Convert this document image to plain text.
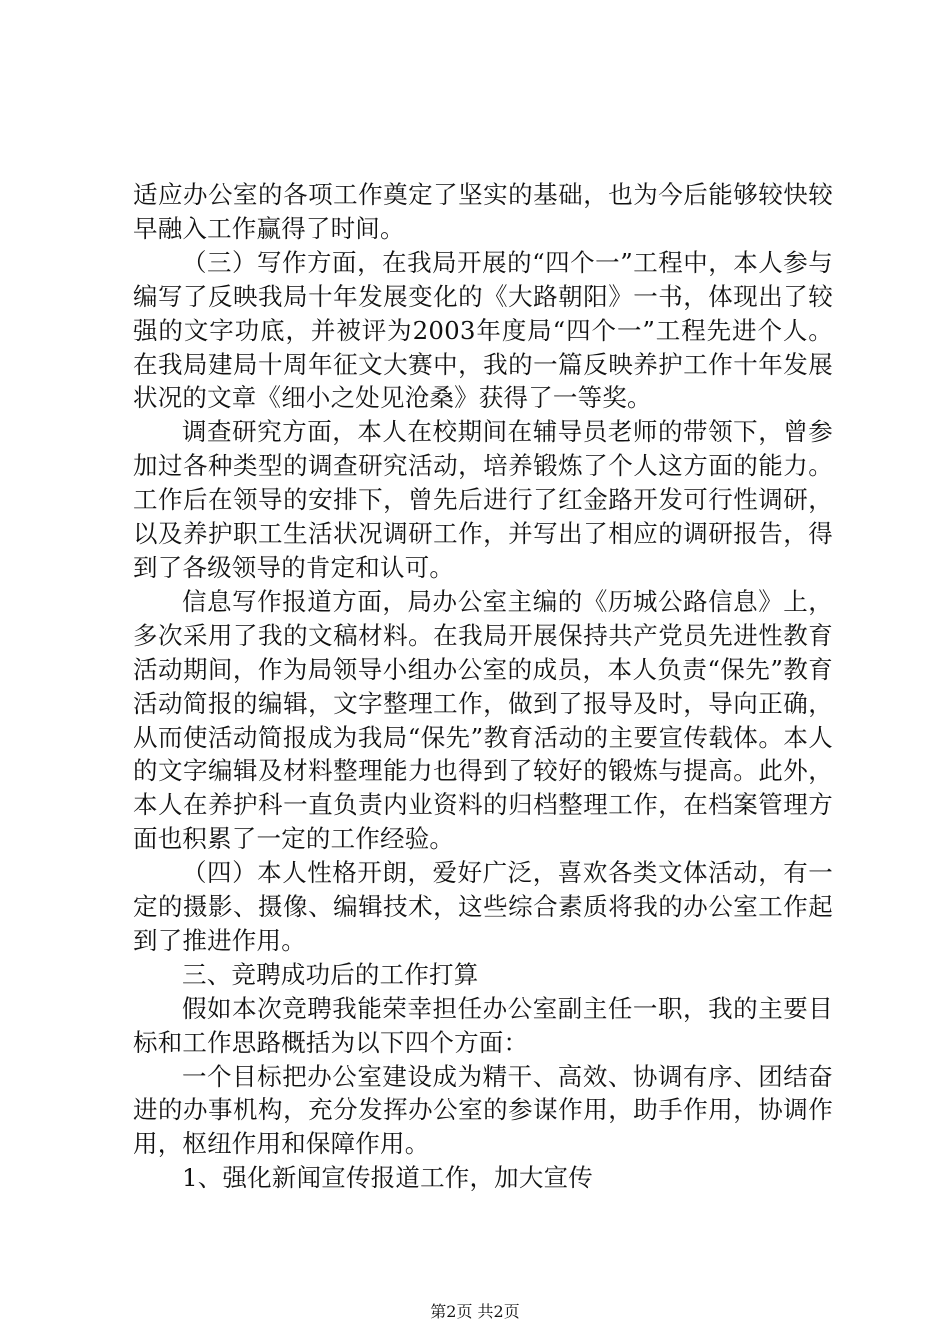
适应办公室的各项工作奠定了坚实的基础，也为今后能够较快较早融入工作赢得了时间。

（三）写作方面，在我局开展的“四个一”工程中，本人参与编写了反映我局十年发展变化的《大路朝阳》一书，体现出了较强的文字功底，并被评为2003年度局“四个一”工程先进个人。在我局建局十周年征文大赛中，我的一篇反映养护工作十年发展状况的文章《细小之处见沧桑》获得了一等奖。

调查研究方面，本人在校期间在辅导员老师的带领下，曾参加过各种类型的调查研究活动，培养锻炼了个人这方面的能力。工作后在领导的安排下，曾先后进行了红金路开发可行性调研，以及养护职工生活状况调研工作，并写出了相应的调研报告，得到了各级领导的肯定和认可。

信息写作报道方面，局办公室主编的《历城公路信息》上，多次采用了我的文稿材料。在我局开展保持共产党员先进性教育活动期间，作为局领导小组办公室的成员，本人负责“保先”教育活动简报的编辑，文字整理工作，做到了报导及时，导向正确，从而使活动简报成为我局“保先”教育活动的主要宣传载体。本人的文字编辑及材料整理能力也得到了较好的锻炼与提高。此外，本人在养护科一直负责内业资料的归档整理工作，在档案管理方面也积累了一定的工作经验。

（四）本人性格开朗，爱好广泛，喜欢各类文体活动，有一定的摄影、摄像、编辑技术，这些综合素质将我的办公室工作起到了推进作用。

三、竞聘成功后的工作打算

假如本次竞聘我能荣幸担任办公室副主任一职，我的主要目标和工作思路概括为以下四个方面：

一个目标把办公室建设成为精干、高效、协调有序、团结奋进的办事机构，充分发挥办公室的参谋作用，助手作用，协调作用，枢纽作用和保障作用。

1、强化新闻宣传报道工作，加大宣传

第2页 共2页
